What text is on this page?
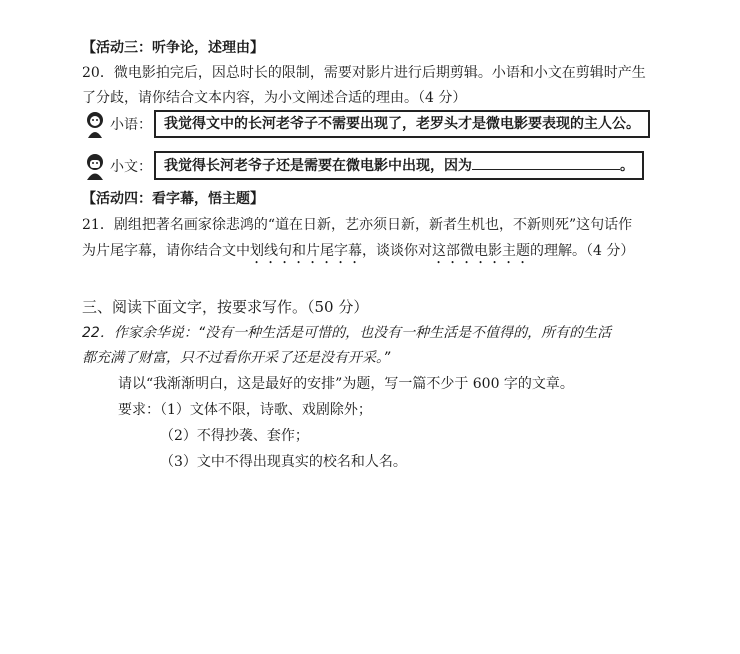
【活动三：听争论，述理由】
20．微电影拍完后，因总时长的限制，需要对影片进行后期剪辑。小语和小文在剪辑时产生
了分歧，请你结合文本内容，为小文阐述合适的理由。（4 分）
小语： 我觉得文中的长河老爷子不需要出现了，老罗头才是微电影要表现的主人公。
小文： 我觉得长河老爷子还是需要在微电影中出现，因为	。
【活动四：看字幕，悟主题】
21．剧组把著名画家徐悲鸿的“道在日新，艺亦须日新，新者生机也，不新则死”这句话作
为片尾字幕，请你结合文中划线句和片尾字幕，谈谈你对这部微电影主题的理解。（4 分）
三、阅读下面文字，按要求写作。（50 分）
22．作家余华说：“没有一种生活是可惜的，也没有一种生活是不值得的，所有的生活
都充满了财富，只不过看你开采了还是没有开采。”
请以“我渐渐明白，这是最好的安排”为题，写一篇不少于 600 字的文章。
要求：（1）文体不限，诗歌、戏剧除外；
（2）不得抄袭、套作；
（3）文中不得出现真实的校名和人名。
